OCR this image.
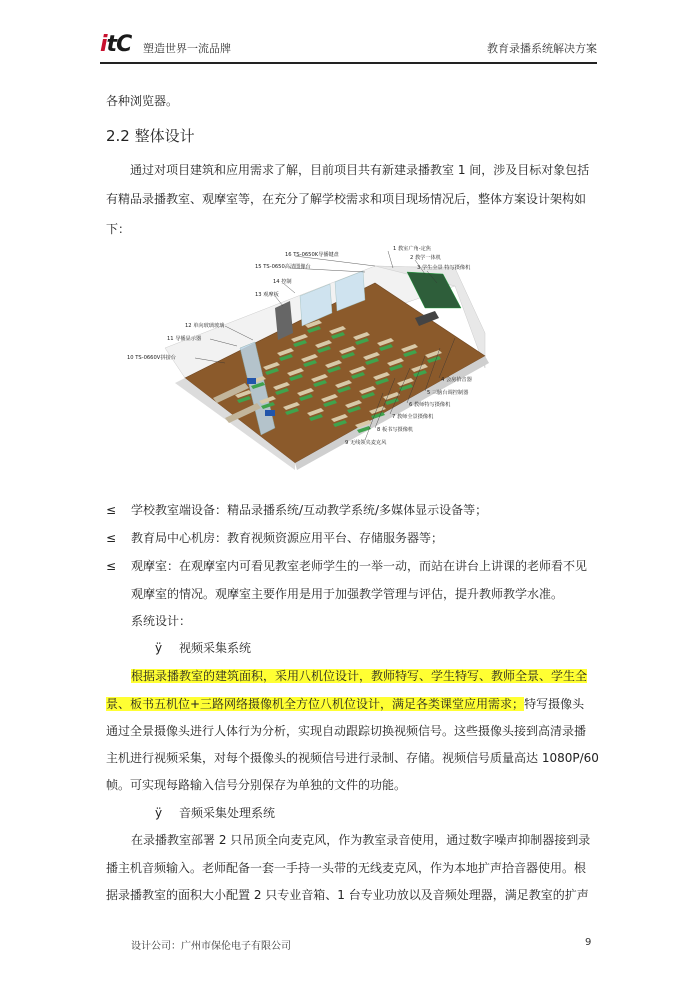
itC 塑造世界一流品牌	教育录播系统解决方案
各种浏览器。
2.2 整体设计
通过对项目建筑和应用需求了解，目前项目共有新建录播教室 1 间，涉及目标对象包括
有精品录播教室、观摩室等，在充分了解学校需求和项目现场情况后，整体方案设计架构如
下：
1 教室广角-定焦
2 教学一体机
3 学生全景 特写摄像机
4 会房拾音器
5 三脑台调控制器
6 教师特写摄像机
7 教师全景摄像机
8 板书写摄像机
9 无线领夹麦克风
10 TS-0660V拼接台
11 导播显示器
12 单向玻璃玻璃
13 观摩板
14 控制
15 TS-0650高清图像台
16 TS-0650K导播键盘
≤ 学校教室端设备：精品录播系统/互动教学系统/多媒体显示设备等；
≤ 教育局中心机房：教育视频资源应用平台、存储服务器等；
≤ 观摩室：在观摩室内可看见教室老师学生的一举一动，而站在讲台上讲课的老师看不见
观摩室的情况。观摩室主要作用是用于加强教学管理与评估，提升教师教学水准。
系统设计：
ÿ 视频采集系统
根据录播教室的建筑面积，采用八机位设计，教师特写、学生特写、教师全景、学生全
景、板书五机位+三路网络摄像机全方位八机位设计，满足各类课堂应用需求；特写摄像头
通过全景摄像头进行人体行为分析，实现自动跟踪切换视频信号。这些摄像头接到高清录播
主机进行视频采集，对每个摄像头的视频信号进行录制、存储。视频信号质量高达 1080P/60
帧。可实现每路输入信号分别保存为单独的文件的功能。
ÿ 音频采集处理系统
在录播教室部署 2 只吊顶全向麦克风，作为教室录音使用，通过数字噪声抑制器接到录
播主机音频输入。老师配备一套一手持一头带的无线麦克风，作为本地扩声拾音器使用。根
据录播教室的面积大小配置 2 只专业音箱、1 台专业功放以及音频处理器，满足教室的扩声
设计公司：广州市保伦电子有限公司	9
